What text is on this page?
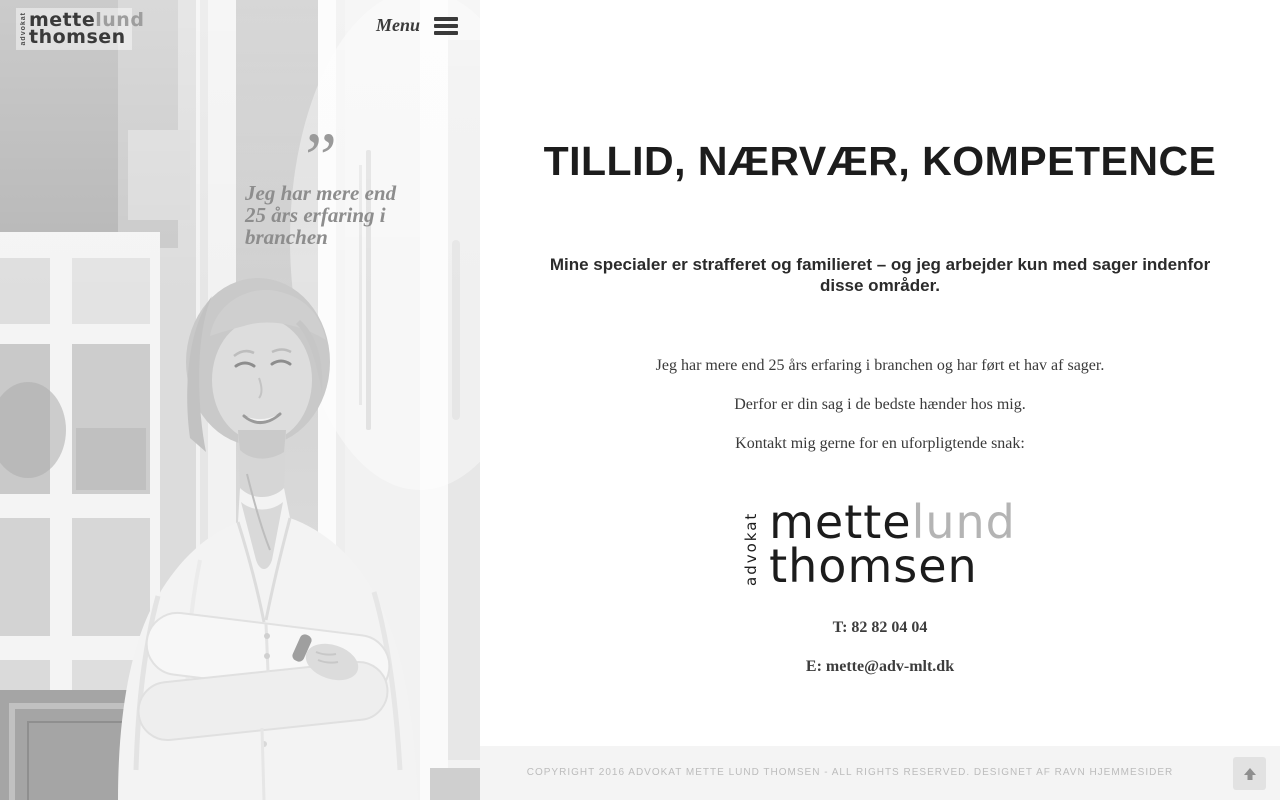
advokat mettelund
thomsen
Menu
”
Jeg har mere end 25 års erfaring i branchen
TILLID, NÆRVÆR, KOMPETENCE
Mine specialer er strafferet og familieret – og jeg arbejder kun med sager indenfor disse områder.

Jeg har mere end 25 års erfaring i branchen og har ført et hav af sager.

Derfor er din sag i de bedste hænder hos mig.

Kontakt mig gerne for en uforpligtende snak:

advokat mettelund
thomsen
T: 82 82 04 04
E: mette@adv-mlt.dk
COPYRIGHT 2016 ADVOKAT METTE LUND THOMSEN - ALL RIGHTS RESERVED. DESIGNET AF RAVN HJEMMESIDER
